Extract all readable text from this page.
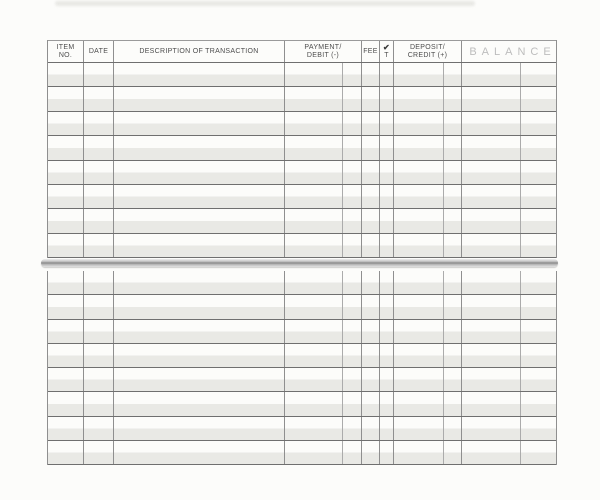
ITEM
NO.
DATE	DESCRIPTION OF TRANSACTION
PAYMENT/
DEBIT (-)
FEE ✔
T
DEPOSIT/
CREDIT (+)	BALANCE
